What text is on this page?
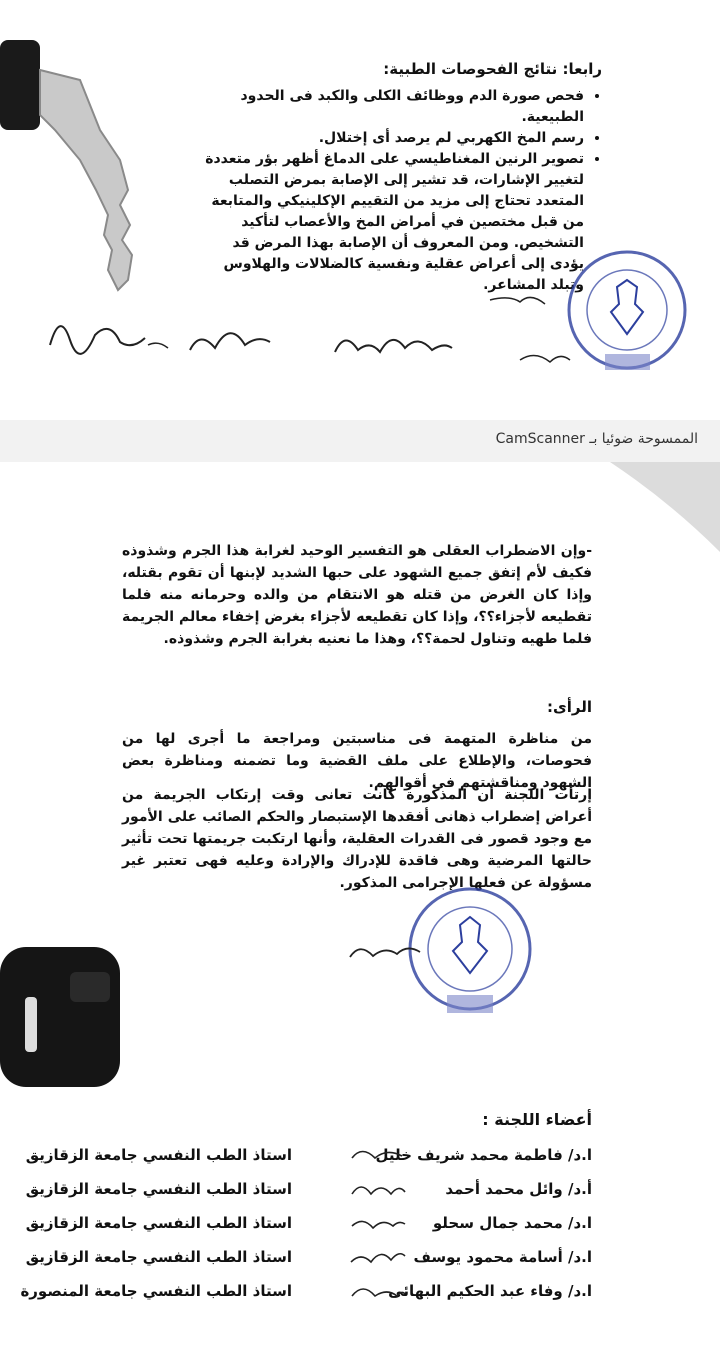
رابعا: نتائج الفحوصات الطبية:
• فحص صورة الدم ووظائف الكلى والكبد فى الحدود الطبيعية.
• رسم المخ الكهربي لم يرصد أى إختلال.
• تصوير الرنين المغناطيسي على الدماغ أظهر بؤر متعددة لتغيير الإشارات، قد تشير إلى الإصابة بمرض التصلب المتعدد تحتاج إلى مزيد من التقييم الإكلينيكي والمتابعة من قبل مختصين في أمراض المخ والأعصاب لتأكيد التشخيص. ومن المعروف أن الإصابة بهذا المرض قد يؤدى إلى أعراض عقلية ونفسية كالضلالات والهلاوس وتبلد المشاعر.
الممسوحة ضوئيا بـ CamScanner
-وإن الاضطراب العقلى هو التفسير الوحيد لغرابة هذا الجرم وشذوذه فكيف لأم إتفق جميع الشهود على حبها الشديد لإبنها أن تقوم بقتله، وإذا كان الغرض من قتله هو الانتقام من والده وحرمانه منه فلما تقطيعه لأجزاء؟؟، وإذا كان تقطيعه لأجزاء بغرض إخفاء معالم الجريمة فلما طهيه وتناول لحمة؟؟، وهذا ما نعنيه بغرابة الجرم وشذوذه.
الرأى:
من مناظرة المتهمة فى مناسبتين ومراجعة ما أجرى لها من فحوصات، والإطلاع على ملف القضية وما تضمنه ومناظرة بعض الشهود ومناقشتهم فى أقوالهم.
إرتأت اللجنة أن المذكورة كانت تعانى وقت إرتكاب الجريمة من أعراض إضطراب ذهانى أفقدها الإستبصار والحكم الصائب على الأمور مع وجود قصور فى القدرات العقلية، وأنها ارتكبت جريمتها تحت تأثير حالتها المرضية وهى فاقدة للإدراك والإرادة وعليه فهى تعتبر غير مسؤولة عن فعلها الإجرامى المذكور.
أعضاء اللجنة :
ا.د/ فاطمة محمد شريف خليل
استاذ الطب النفسي جامعة الزقازيق
أ.د/ وائل محمد أحمد
استاذ الطب النفسي جامعة الزقازيق
ا.د/ محمد جمال سحلو
استاذ الطب النفسي جامعة الزقازيق
ا.د/ أسامة محمود يوسف
استاذ الطب النفسي جامعة الزقازيق
ا.د/ وفاء عبد الحكيم البهائى
استاذ الطب النفسي جامعة المنصورة
